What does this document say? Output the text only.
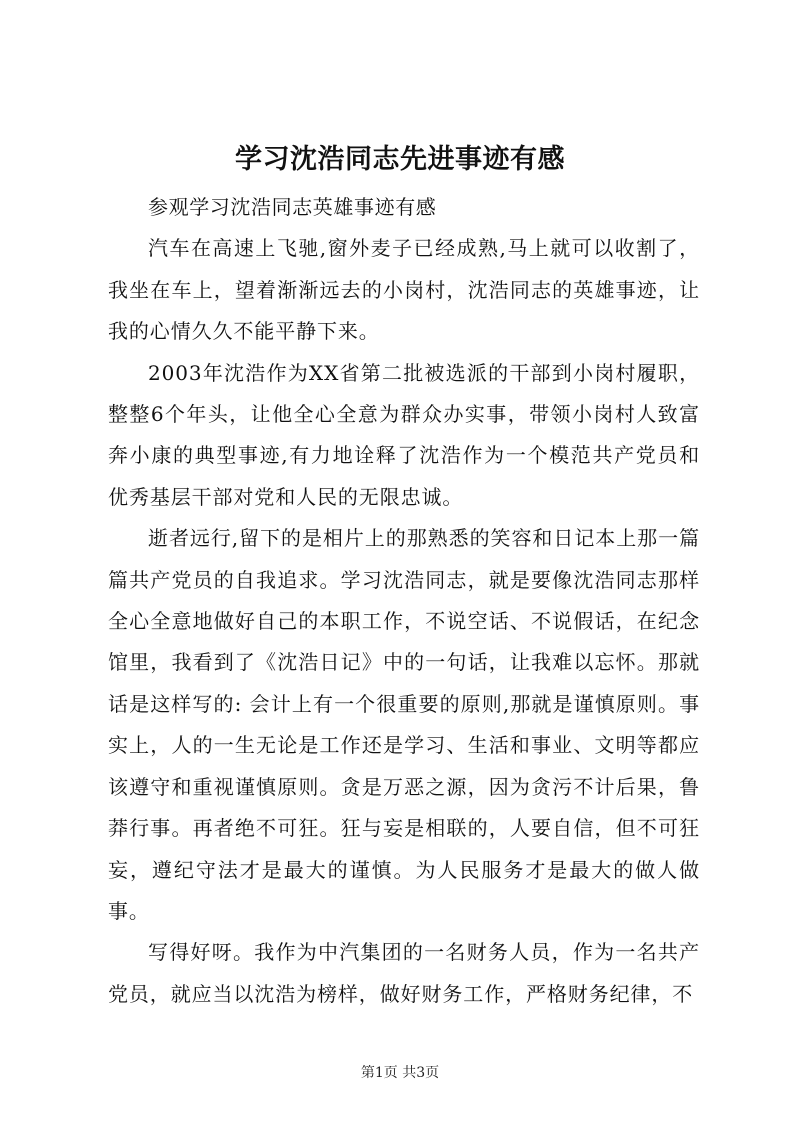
学习沈浩同志先进事迹有感

参观学习沈浩同志英雄事迹有感

汽车在高速上飞驰,窗外麦子已经成熟,马上就可以收割了，我坐在车上，望着渐渐远去的小岗村，沈浩同志的英雄事迹，让我的心情久久不能平静下来。

2003年沈浩作为XX省第二批被选派的干部到小岗村履职，整整6个年头，让他全心全意为群众办实事，带领小岗村人致富奔小康的典型事迹,有力地诠释了沈浩作为一个模范共产党员和优秀基层干部对党和人民的无限忠诚。

逝者远行,留下的是相片上的那熟悉的笑容和日记本上那一篇篇共产党员的自我追求。学习沈浩同志，就是要像沈浩同志那样全心全意地做好自己的本职工作，不说空话、不说假话，在纪念馆里，我看到了《沈浩日记》中的一句话，让我难以忘怀。那就话是这样写的: 会计上有一个很重要的原则,那就是谨慎原则。事实上，人的一生无论是工作还是学习、生活和事业、文明等都应该遵守和重视谨慎原则。贪是万恶之源，因为贪污不计后果，鲁莽行事。再者绝不可狂。狂与妄是相联的，人要自信，但不可狂妄，遵纪守法才是最大的谨慎。为人民服务才是最大的做人做事。

写得好呀。我作为中汽集团的一名财务人员，作为一名共产党员，就应当以沈浩为榜样，做好财务工作，严格财务纪律，不

第1页 共3页
